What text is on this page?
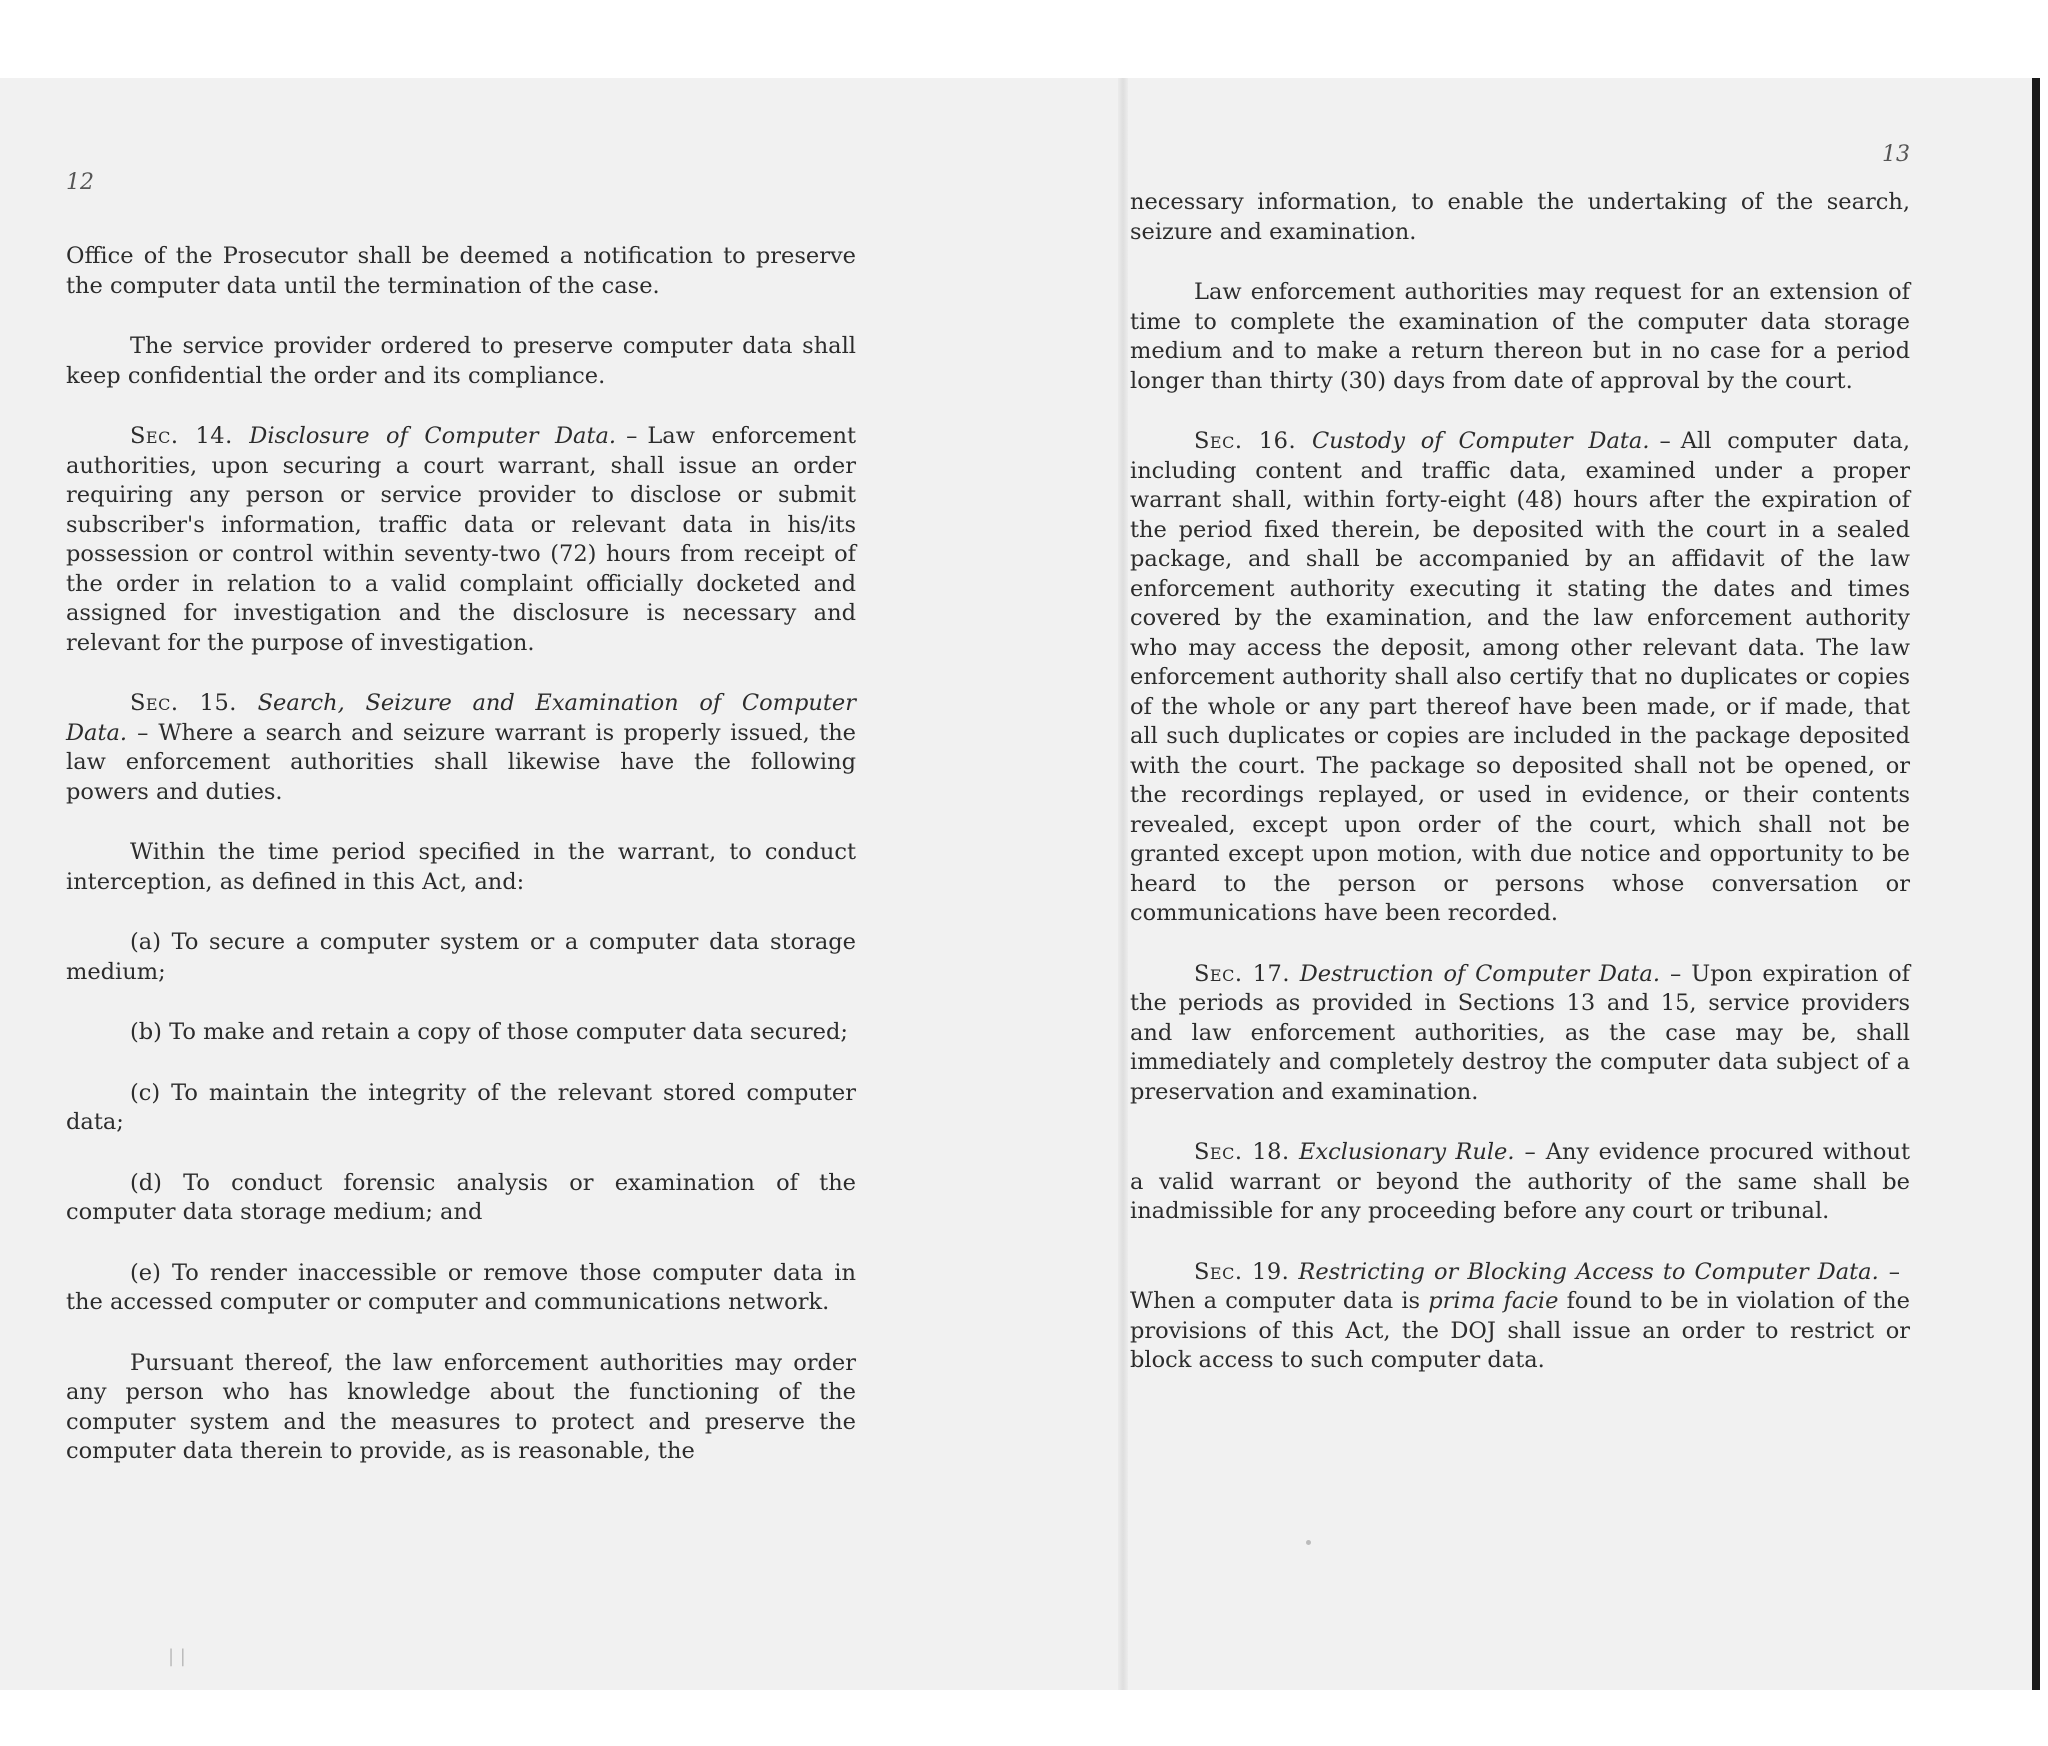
12

Office of the Prosecutor shall be deemed a notification to preserve the computer data until the termination of the case.

The service provider ordered to preserve computer data shall keep confidential the order and its compliance.

Sec. 14. Disclosure of Computer Data. – Law enforcement authorities, upon securing a court warrant, shall issue an order requiring any person or service provider to disclose or submit subscriber's information, traffic data or relevant data in his/its possession or control within seventy-two (72) hours from receipt of the order in relation to a valid complaint officially docketed and assigned for investigation and the disclosure is necessary and relevant for the purpose of investigation.

Sec. 15. Search, Seizure and Examination of Computer Data. – Where a search and seizure warrant is properly issued, the law enforcement authorities shall likewise have the following powers and duties.

Within the time period specified in the warrant, to conduct interception, as defined in this Act, and:

(a) To secure a computer system or a computer data storage medium;

(b) To make and retain a copy of those computer data secured;

(c) To maintain the integrity of the relevant stored computer data;

(d) To conduct forensic analysis or examination of the computer data storage medium; and

(e) To render inaccessible or remove those computer data in the accessed computer or computer and communications network.

Pursuant thereof, the law enforcement authorities may order any person who has knowledge about the functioning of the computer system and the measures to protect and preserve the computer data therein to provide, as is reasonable, the

13

necessary information, to enable the undertaking of the search, seizure and examination.

Law enforcement authorities may request for an extension of time to complete the examination of the computer data storage medium and to make a return thereon but in no case for a period longer than thirty (30) days from date of approval by the court.

Sec. 16. Custody of Computer Data. – All computer data, including content and traffic data, examined under a proper warrant shall, within forty-eight (48) hours after the expiration of the period fixed therein, be deposited with the court in a sealed package, and shall be accompanied by an affidavit of the law enforcement authority executing it stating the dates and times covered by the examination, and the law enforcement authority who may access the deposit, among other relevant data. The law enforcement authority shall also certify that no duplicates or copies of the whole or any part thereof have been made, or if made, that all such duplicates or copies are included in the package deposited with the court. The package so deposited shall not be opened, or the recordings replayed, or used in evidence, or their contents revealed, except upon order of the court, which shall not be granted except upon motion, with due notice and opportunity to be heard to the person or persons whose conversation or communications have been recorded.

Sec. 17. Destruction of Computer Data. – Upon expiration of the periods as provided in Sections 13 and 15, service providers and law enforcement authorities, as the case may be, shall immediately and completely destroy the computer data subject of a preservation and examination.

Sec. 18. Exclusionary Rule. – Any evidence procured without a valid warrant or beyond the authority of the same shall be inadmissible for any proceeding before any court or tribunal.

Sec. 19. Restricting or Blocking Access to Computer Data. –When a computer data is prima facie found to be in violation of the provisions of this Act, the DOJ shall issue an order to restrict or block access to such computer data.

| |
